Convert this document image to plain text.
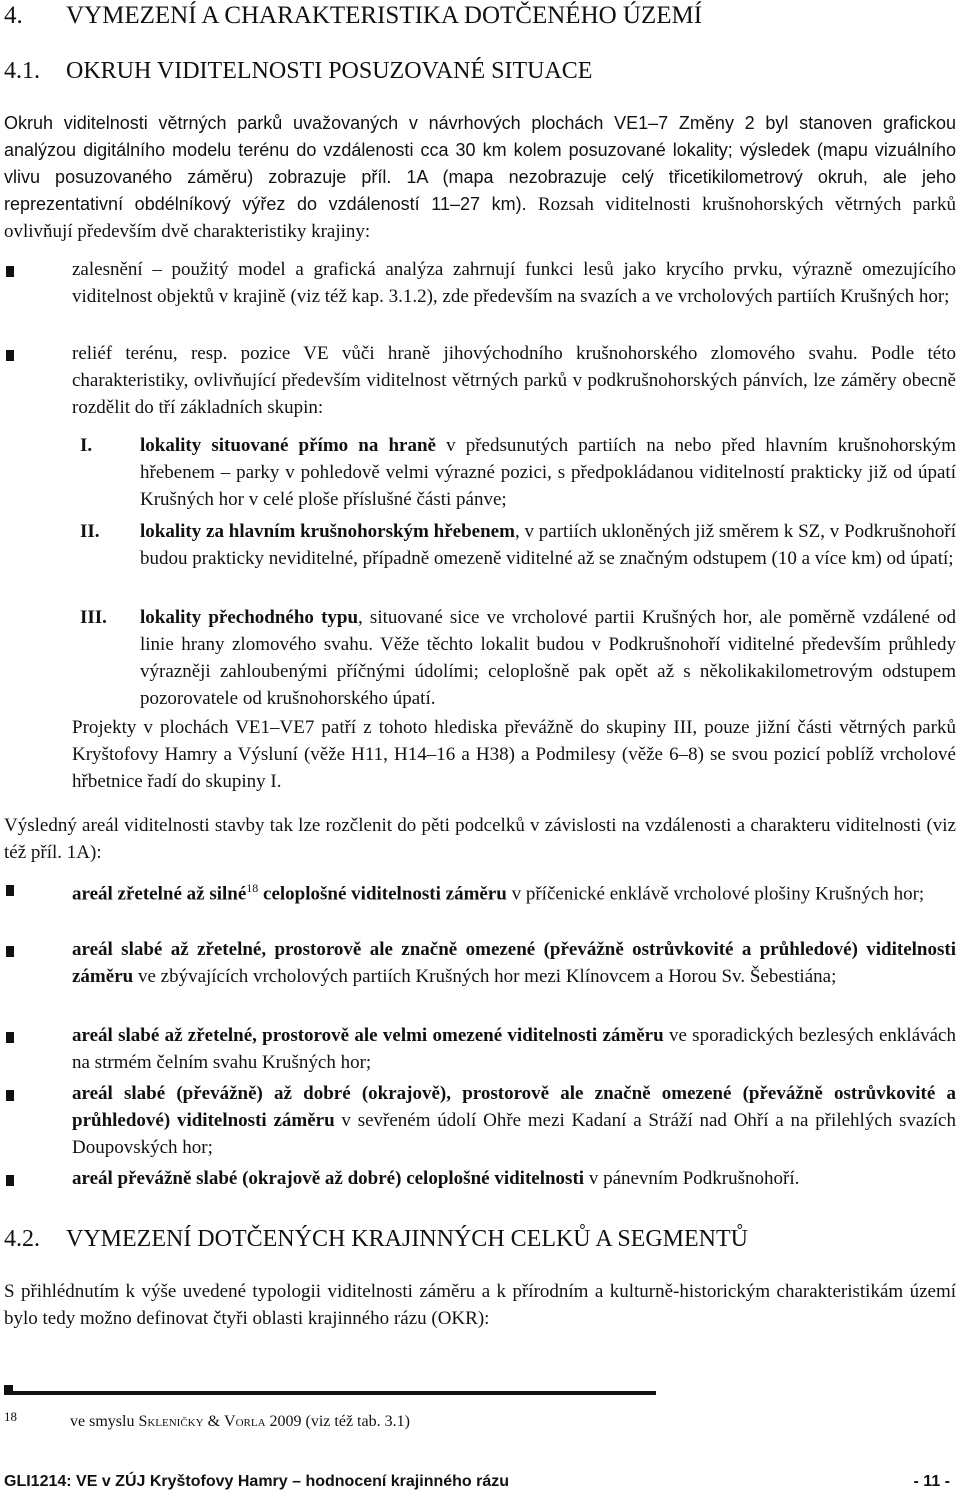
4. VYMEZENÍ A CHARAKTERISTIKA DOTČENÉHO ÚZEMÍ
4.1. OKRUH VIDITELNOSTI POSUZOVANÉ SITUACE

Okruh viditelnosti větrných parků uvažovaných v návrhových plochách VE1–7 Změny 2 byl stanoven grafickou analýzou digitálního modelu terénu do vzdálenosti cca 30 km kolem posuzované lokality; výsledek (mapu vizuálního vlivu posuzovaného záměru) zobrazuje příl. 1A (mapa nezobrazuje celý třicetikilometrový okruh, ale jeho reprezentativní obdélníkový výřez do vzdáleností 11–27 km). Rozsah viditelnosti krušnohorských větrných parků ovlivňují především dvě charakteristiky krajiny:

zalesnění – použitý model a grafická analýza zahrnují funkci lesů jako krycího prvku, výrazně omezujícího viditelnost objektů v krajině (viz též kap. 3.1.2), zde především na svazích a ve vrcholových partiích Krušných hor;

reliéf terénu, resp. pozice VE vůči hraně jihovýchodního krušnohorského zlomového svahu. Podle této charakteristiky, ovlivňující především viditelnost větrných parků v podkrušnohorských pánvích, lze záměry obecně rozdělit do tří základních skupin:

I.	lokality situované přímo na hraně v předsunutých partiích na nebo před hlavním krušnohorským hřebenem – parky v pohledově velmi výrazné pozici, s předpokládanou viditelností prakticky již od úpatí Krušných hor v celé ploše příslušné části pánve;

II. lokality za hlavním krušnohorským hřebenem, v partiích ukloněných již směrem k SZ, v Podkrušnohoří budou prakticky neviditelné, případně omezeně viditelné až se značným odstupem (10 a více km) od úpatí;

III. lokality přechodného typu, situované sice ve vrcholové partii Krušných hor, ale poměrně vzdálené od linie hrany zlomového svahu. Věže těchto lokalit budou v Podkrušnohoří viditelné především průhledy výrazněji zahloubenými příčnými údolími; celoplošně pak opět až s několikakilometrovým odstupem pozorovatele od krušnohorského úpatí.

Projekty v plochách VE1–VE7 patří z tohoto hlediska převážně do skupiny III, pouze jižní části větrných parků Kryštofovy Hamry a Výsluní (věže H11, H14–16 a H38) a Podmilesy (věže 6–8) se svou pozicí poblíž vrcholové hřbetnice řadí do skupiny I.

Výsledný areál viditelnosti stavby tak lze rozčlenit do pěti podcelků v závislosti na vzdálenosti a charakteru viditelnosti (viz též příl. 1A):

areál zřetelné až silné$^{18}$ celoplošné viditelnosti záměru v příčenické enklávě vrcholové plošiny Krušných hor;

areál slabé až zřetelné, prostorově ale značně omezené (převážně ostrůvkovité a průhledové) viditelnosti záměru ve zbývajících vrcholových partiích Krušných hor mezi Klínovcem a Horou Sv. Šebestiána;

areál slabé až zřetelné, prostorově ale velmi omezené viditelnosti záměru ve sporadických bezlesých enklávách na strmém čelním svahu Krušných hor;

areál slabé (převážně) až dobré (okrajově), prostorově ale značně omezené (převážně ostrůvkovité a průhledové) viditelnosti záměru v sevřeném údolí Ohře mezi Kadaní a Stráží nad Ohří a na přilehlých svazích Doupovských hor;

areál převážně slabé (okrajově až dobré) celoplošné viditelnosti v pánevním Podkrušnohoří.

4.2. VYMEZENÍ DOTČENÝCH KRAJINNÝCH CELKŮ A SEGMENTŮ

S přihlédnutím k výše uvedené typologii viditelnosti záměru a k přírodním a kulturně-historickým charakteristikám území bylo tedy možno definovat čtyři oblasti krajinného rázu (OKR):

18	ve smyslu Skleničky & Vorla 2009 (viz též tab. 3.1)
GLI1214: VE v ZÚJ Kryštofovy Hamry – hodnocení krajinného rázu	- 11 -
